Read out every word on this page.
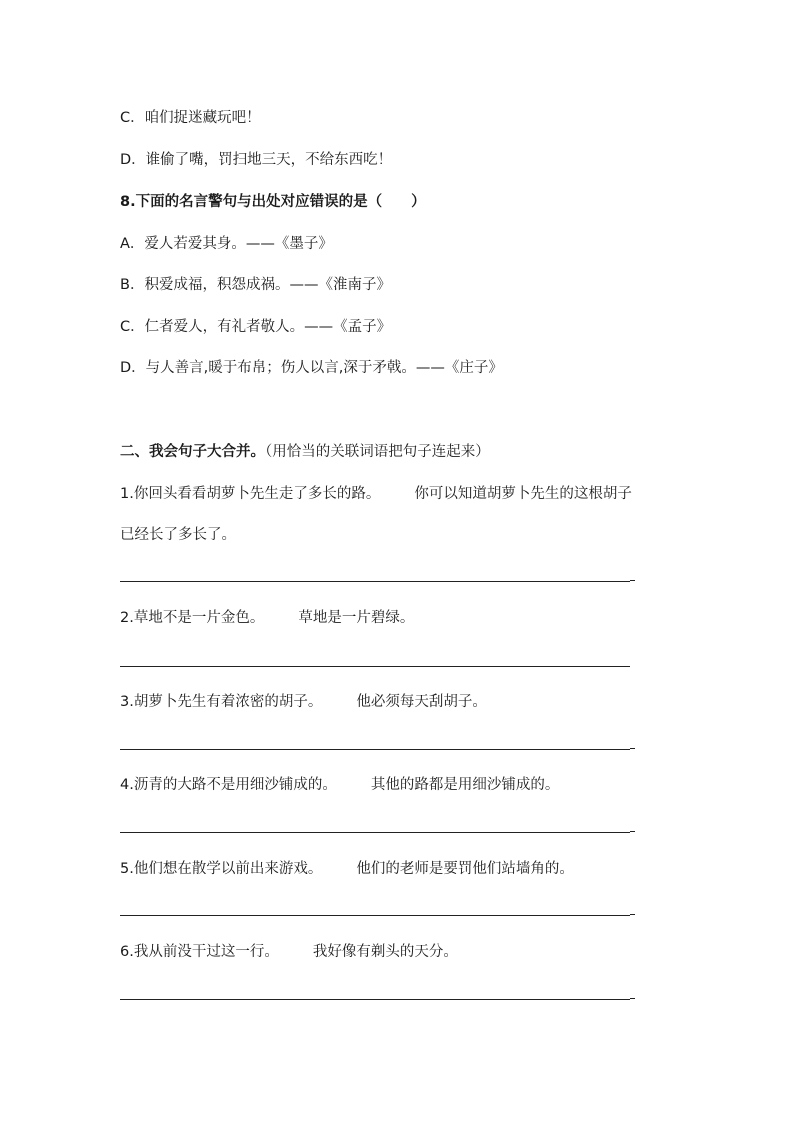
C．咱们捉迷藏玩吧！
D．谁偷了嘴，罚扫地三天，不给东西吃！
8.下面的名言警句与出处对应错误的是（　　）
A．爱人若爱其身。——《墨子》
B．积爱成福，积怨成祸。——《淮南子》
C．仁者爱人，有礼者敬人。——《孟子》
D．与人善言,暖于布帛；伤人以言,深于矛戟。——《庄子》
二、我会句子大合并。（用恰当的关联词语把句子连起来）
1.你回头看看胡萝卜先生走了多长的路。 你可以知道胡萝卜先生的这根胡子
已经长了多长了。
2.草地不是一片金色。 草地是一片碧绿。
3.胡萝卜先生有着浓密的胡子。 他必须每天刮胡子。
4.沥青的大路不是用细沙铺成的。 其他的路都是用细沙铺成的。
5.他们想在散学以前出来游戏。 他们的老师是要罚他们站墙角的。
6.我从前没干过这一行。 我好像有剃头的天分。
